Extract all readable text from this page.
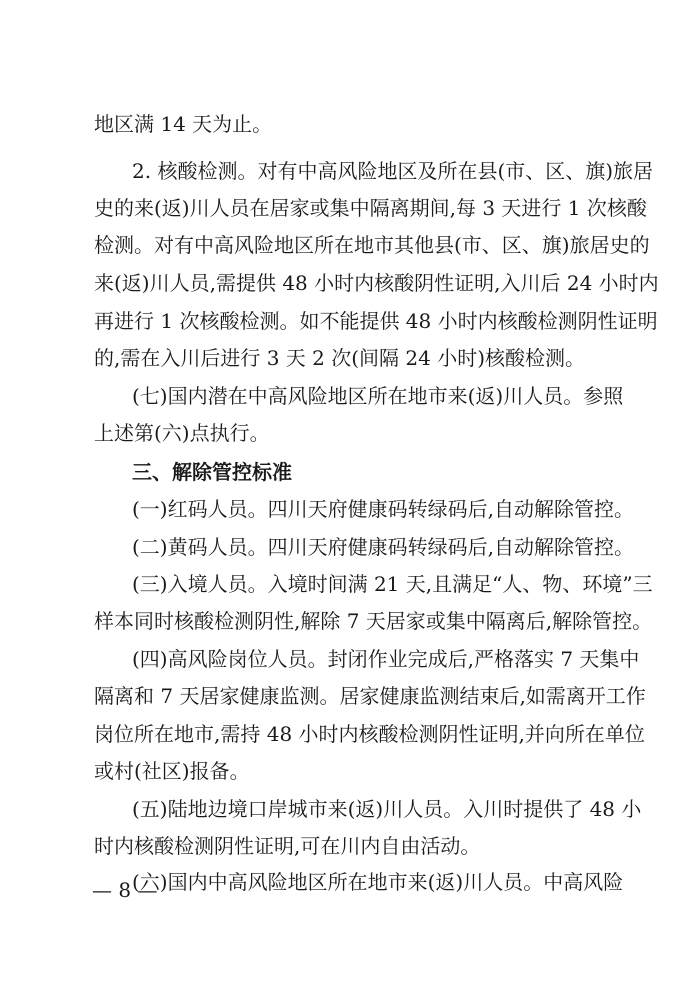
地区满 14 天为止。
2. 核酸检测。对有中高风险地区及所在县(市、区、旗)旅居
史的来(返)川人员在居家或集中隔离期间,每 3 天进行 1 次核酸
检测。对有中高风险地区所在地市其他县(市、区、旗)旅居史的
来(返)川人员,需提供 48 小时内核酸阴性证明,入川后 24 小时内
再进行 1 次核酸检测。如不能提供 48 小时内核酸检测阴性证明
的,需在入川后进行 3 天 2 次(间隔 24 小时)核酸检测。
(七)国内潜在中高风险地区所在地市来(返)川人员。参照
上述第(六)点执行。
三、解除管控标准
(一)红码人员。四川天府健康码转绿码后,自动解除管控。
(二)黄码人员。四川天府健康码转绿码后,自动解除管控。
(三)入境人员。入境时间满 21 天,且满足“人、物、环境”三
样本同时核酸检测阴性,解除 7 天居家或集中隔离后,解除管控。
(四)高风险岗位人员。封闭作业完成后,严格落实 7 天集中
隔离和 7 天居家健康监测。居家健康监测结束后,如需离开工作
岗位所在地市,需持 48 小时内核酸检测阴性证明,并向所在单位
或村(社区)报备。
(五)陆地边境口岸城市来(返)川人员。入川时提供了 48 小
时内核酸检测阴性证明,可在川内自由活动。
(六)国内中高风险地区所在地市来(返)川人员。中高风险
— 8 —
